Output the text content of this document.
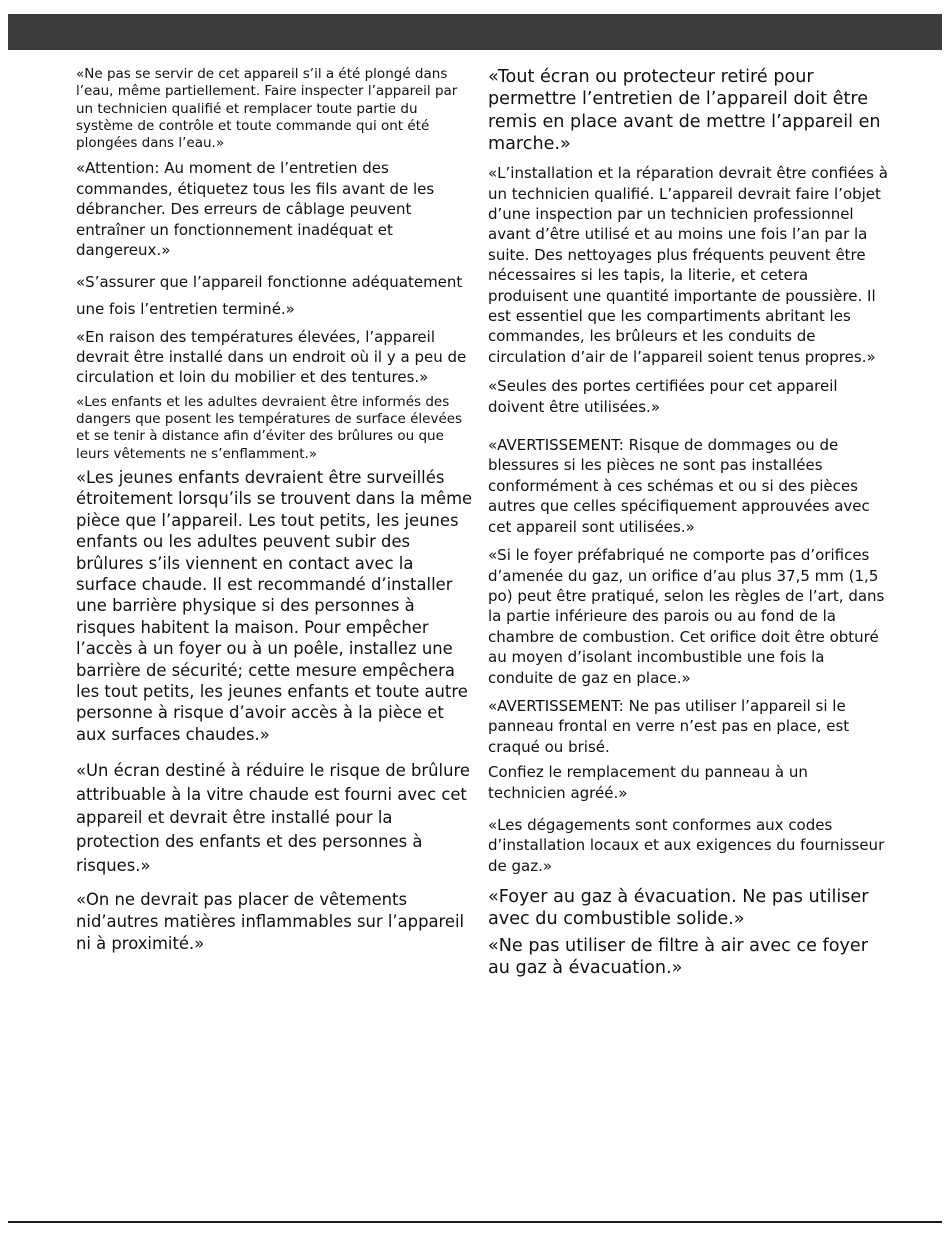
«Ne pas se servir de cet appareil s’il a été plongé dans l’eau, même partiellement. Faire inspecter l’appareil par un technicien qualifié et remplacer toute partie du système de contrôle et toute commande qui ont été plongées dans l’eau.»

«Attention: Au moment de l’entretien des commandes, étiquetez tous les fils avant de les débrancher. Des erreurs de câblage peuvent entraîner un fonctionnement inadéquat et dangereux.»

«S’assurer que l’appareil fonctionne adéquatement une fois l’entretien terminé.»

«En raison des températures élevées, l’appareil devrait être installé dans un endroit où il y a peu de circulation et loin du mobilier et des tentures.»

«Les enfants et les adultes devraient être informés des dangers que posent les températures de surface élevées et se tenir à distance afin d’éviter des brûlures ou que leurs vêtements ne s’enflamment.»

«Les jeunes enfants devraient être surveillés étroitement lorsqu’ils se trouvent dans la même pièce que l’appareil. Les tout petits, les jeunes enfants ou les adultes peuvent subir des brûlures s’ils viennent en contact avec la surface chaude. Il est recommandé d’installer une barrière physique si des personnes à risques habitent la maison. Pour empêcher l’accès à un foyer ou à un poêle, installez une barrière de sécurité; cette mesure empêchera les tout petits, les jeunes enfants et toute autre personne à risque d’avoir accès à la pièce et aux surfaces chaudes.»

«Un écran destiné à réduire le risque de brûlure attribuable à la vitre chaude est fourni avec cet appareil et devrait être installé pour la protection des enfants et des personnes à risques.»

«On ne devrait pas placer de vêtements nid’autres matières inflammables sur l’appareil ni à proximité.»

«Tout écran ou protecteur retiré pour permettre l’entretien de l’appareil doit être remis en place avant de mettre l’appareil en marche.»

«L’installation et la réparation devrait être confiées à un technicien qualifié. L’appareil devrait faire l’objet d’une inspection par un technicien professionnel avant d’être utilisé et au moins une fois l’an par la suite. Des nettoyages plus fréquents peuvent être nécessaires si les tapis, la literie, et cetera produisent une quantité importante de poussière. Il est essentiel que les compartiments abritant les commandes, les brûleurs et les conduits de circulation d’air de l’appareil soient tenus propres.»

«Seules des portes certifiées pour cet appareil doivent être utilisées.»

«AVERTISSEMENT: Risque de dommages ou de blessures si les pièces ne sont pas installées conformément à ces schémas et ou si des pièces autres que celles spécifiquement approuvées avec cet appareil sont utilisées.»

«Si le foyer préfabriqué ne comporte pas d’orifices d’amenée du gaz, un orifice d’au plus 37,5 mm (1,5 po) peut être pratiqué, selon les règles de l’art, dans la partie inférieure des parois ou au fond de la chambre de combustion. Cet orifice doit être obturé au moyen d’isolant incombustible une fois la conduite de gaz en place.»

«AVERTISSEMENT: Ne pas utiliser l’appareil si le panneau frontal en verre n’est pas en place, est craqué ou brisé.

Confiez le remplacement du panneau à un technicien agréé.»

«Les dégagements sont conformes aux codes d’installation locaux et aux exigences du fournisseur de gaz.»

«Foyer au gaz à évacuation. Ne pas utiliser avec du combustible solide.»

«Ne pas utiliser de filtre à air avec ce foyer au gaz à évacuation.»
